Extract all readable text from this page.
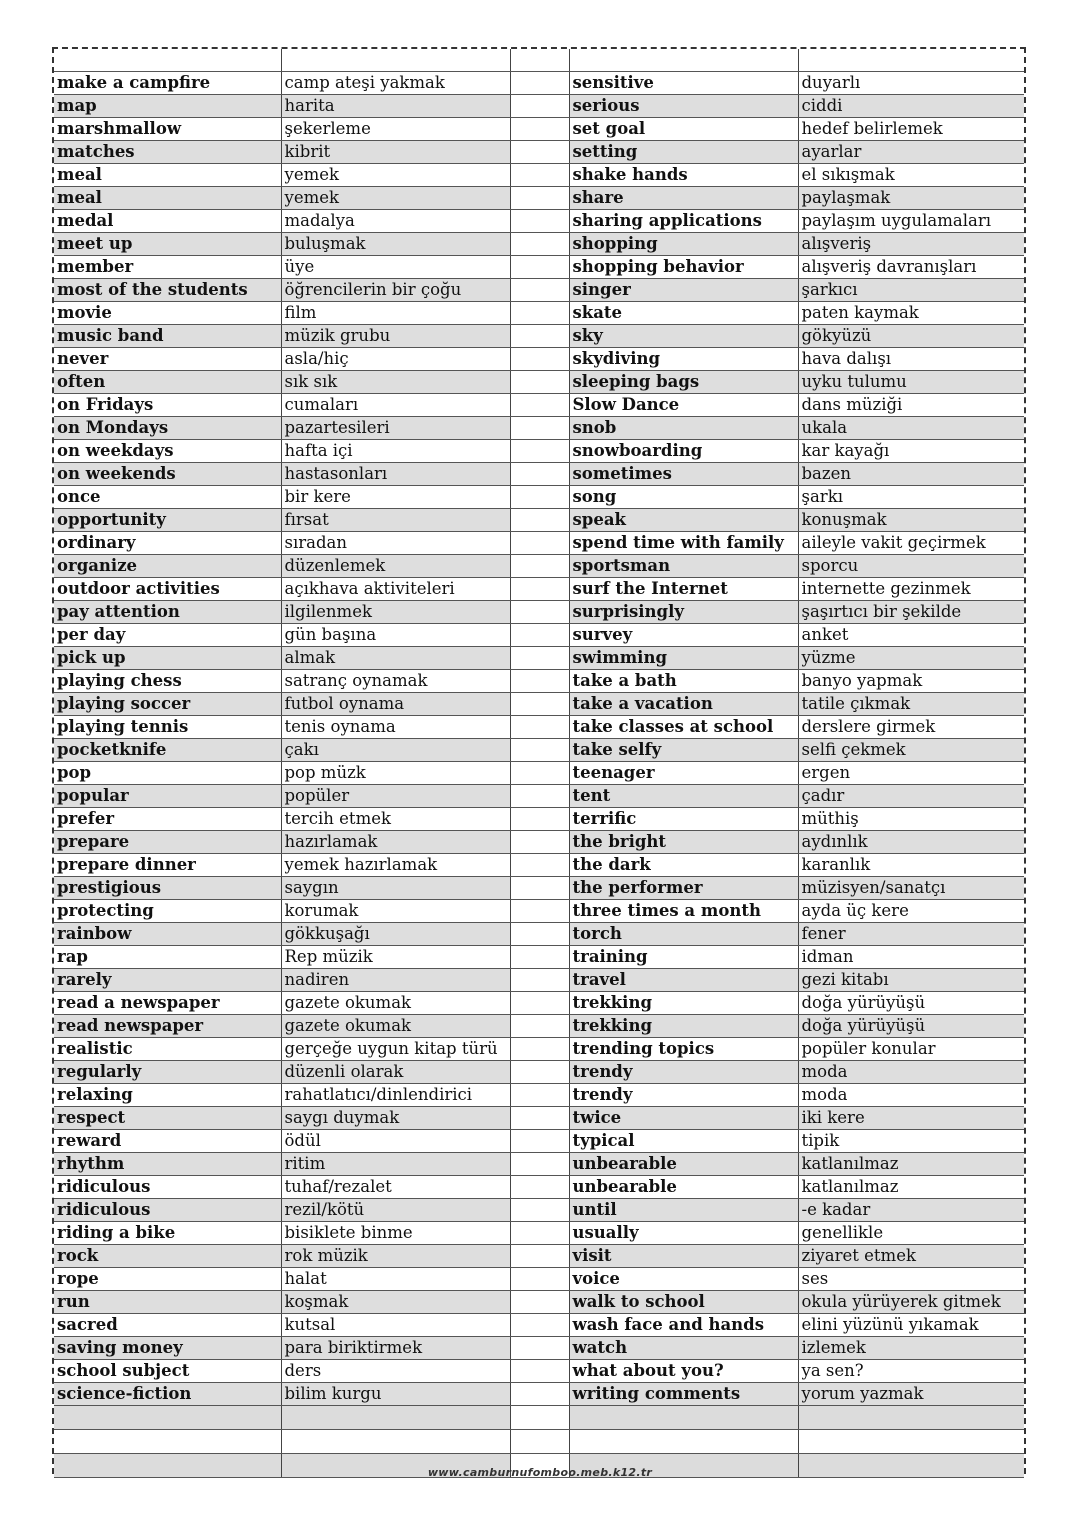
make a campfire	camp ateşi yakmak		sensitive	duyarlı
map	harita		serious	ciddi
marshmallow	şekerleme		set goal	hedef belirlemek
matches	kibrit		setting	ayarlar
meal	yemek		shake hands	el sıkışmak
meal	yemek		share	paylaşmak
medal	madalya		sharing applications	paylaşım uygulamaları
meet up	buluşmak		shopping	alışveriş
member	üye		shopping behavior	alışveriş davranışları
most of the students	öğrencilerin bir çoğu		singer	şarkıcı
movie	film		skate	paten kaymak
music band	müzik grubu		sky	gökyüzü
never	asla/hiç		skydiving	hava dalışı
often	sık sık		sleeping bags	uyku tulumu
on Fridays	cumaları		Slow Dance	dans müziği
on Mondays	pazartesileri		snob	ukala
on weekdays	hafta içi		snowboarding	kar kayağı
on weekends	hastasonları		sometimes	bazen
once	bir kere		song	şarkı
opportunity	fırsat		speak	konuşmak
ordinary	sıradan		spend time with family	aileyle vakit geçirmek
organize	düzenlemek		sportsman	sporcu
outdoor activities	açıkhava aktiviteleri		surf the Internet	internette gezinmek
pay attention	ilgilenmek		surprisingly	şaşırtıcı bir şekilde
per day	gün başına		survey	anket
pick up	almak		swimming	yüzme
playing chess	satranç oynamak		take a bath	banyo yapmak
playing soccer	futbol oynama		take a vacation	tatile çıkmak
playing tennis	tenis oynama		take classes at school	derslere girmek
pocketknife	çakı		take selfy	selfi çekmek
pop	pop müzk		teenager	ergen
popular	popüler		tent	çadır
prefer	tercih etmek		terrific	müthiş
prepare	hazırlamak		the bright	aydınlık
prepare dinner	yemek hazırlamak		the dark	karanlık
prestigious	saygın		the performer	müzisyen/sanatçı
protecting	korumak		three times a month	ayda üç kere
rainbow	gökkuşağı		torch	fener
rap	Rep müzik		training	idman
rarely	nadiren		travel	gezi kitabı
read a newspaper	gazete okumak		trekking	doğa yürüyüşü
read newspaper	gazete okumak		trekking	doğa yürüyüşü
realistic	gerçeğe uygun kitap türü		trending topics	popüler konular
regularly	düzenli olarak		trendy	moda
relaxing	rahatlatıcı/dinlendirici		trendy	moda
respect	saygı duymak		twice	iki kere
reward	ödül		typical	tipik
rhythm	ritim		unbearable	katlanılmaz
ridiculous	tuhaf/rezalet		unbearable	katlanılmaz
ridiculous	rezil/kötü		until	-e kadar
riding a bike	bisiklete binme		usually	genellikle
rock	rok müzik		visit	ziyaret etmek
rope	halat		voice	ses
run	koşmak		walk to school	okula yürüyerek gitmek
sacred	kutsal		wash face and hands	elini yüzünü yıkamak
saving money	para biriktirmek		watch	izlemek
school subject	ders		what about you?	ya sen?
science-fiction	bilim kurgu		writing comments	yorum yazmak

www.camburnufomboo.meb.k12.tr
